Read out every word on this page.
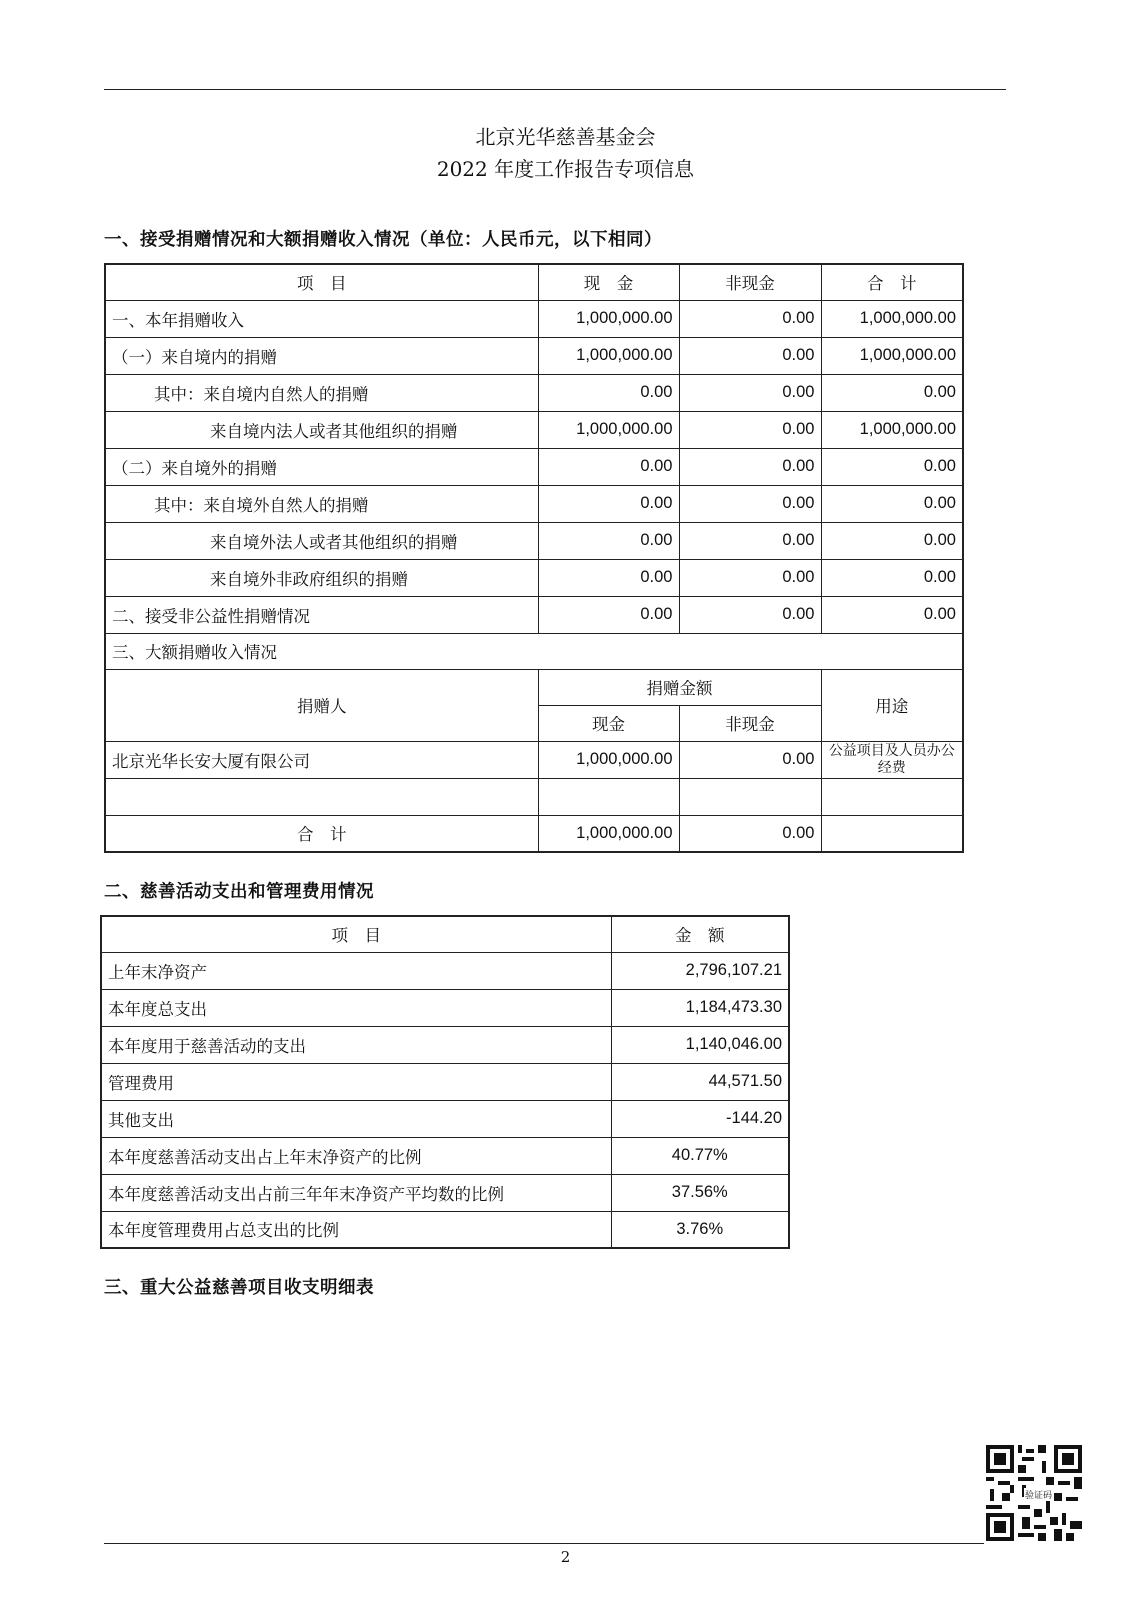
北京光华慈善基金会
2022 年度工作报告专项信息
一、接受捐赠情况和大额捐赠收入情况（单位：人民币元，以下相同）
项　目	现　金	非现金	合　计
一、本年捐赠收入	1,000,000.00	0.00	1,000,000.00
（一）来自境内的捐赠	1,000,000.00	0.00	1,000,000.00
其中：来自境内自然人的捐赠	0.00	0.00	0.00
来自境内法人或者其他组织的捐赠	1,000,000.00	0.00	1,000,000.00
（二）来自境外的捐赠	0.00	0.00	0.00
其中：来自境外自然人的捐赠	0.00	0.00	0.00
来自境外法人或者其他组织的捐赠	0.00	0.00	0.00
来自境外非政府组织的捐赠	0.00	0.00	0.00
二、接受非公益性捐赠情况	0.00	0.00	0.00
三、大额捐赠收入情况			
捐赠人	捐赠金额		用途
	现金	非现金	
北京光华长安大厦有限公司	1,000,000.00	0.00	公益项目及人员办公经费

合　计	1,000,000.00	0.00	
二、慈善活动支出和管理费用情况
项　目	金　额
上年末净资产	2,796,107.21
本年度总支出	1,184,473.30
本年度用于慈善活动的支出	1,140,046.00
管理费用	44,571.50
其他支出	-144.20
本年度慈善活动支出占上年末净资产的比例	40.77%
本年度慈善活动支出占前三年年末净资产平均数的比例	37.56%
本年度管理费用占总支出的比例	3.76%
三、重大公益慈善项目收支明细表
验证码
2
